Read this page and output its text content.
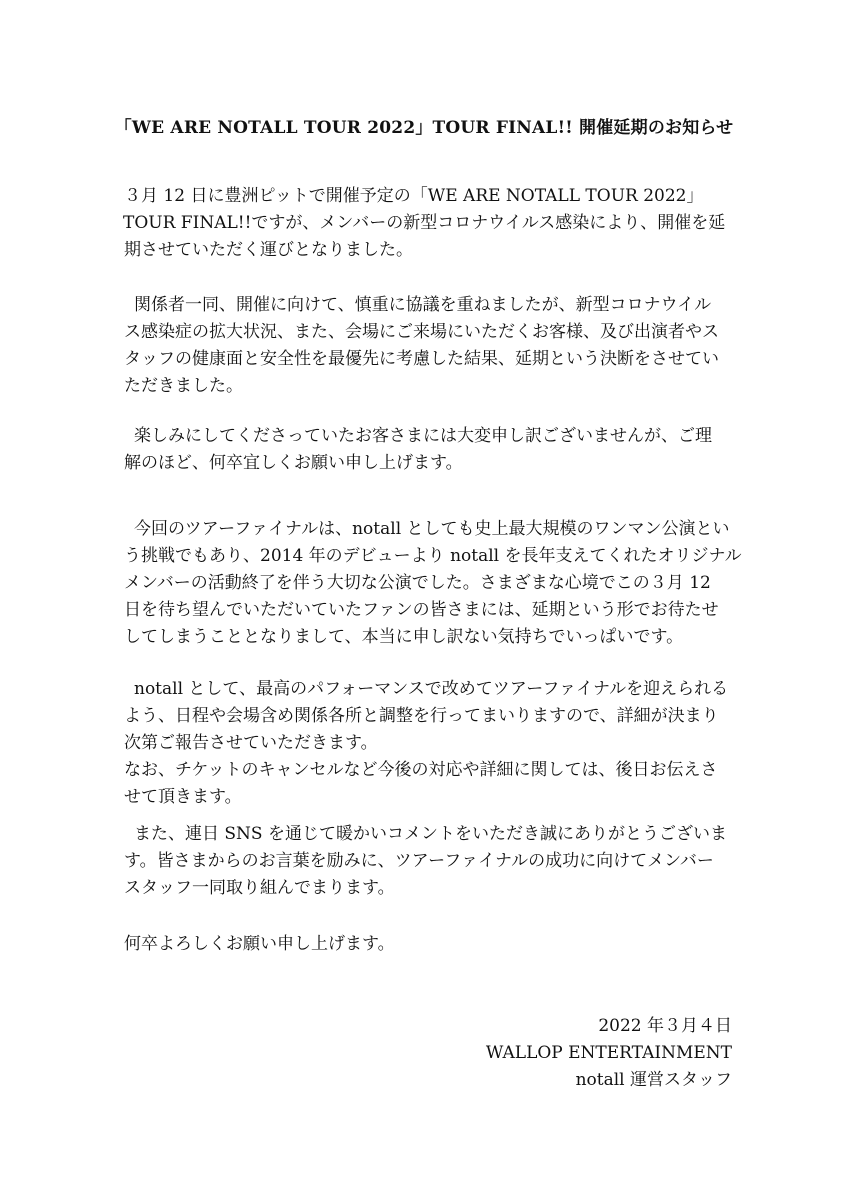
「WE ARE NOTALL TOUR 2022」TOUR FINAL!! 開催延期のお知らせ
３月 12 日に豊洲ピットで開催予定の「WE ARE NOTALL TOUR 2022」
TOUR FINAL!!ですが、メンバーの新型コロナウイルス感染により、開催を延
期させていただく運びとなりました。
関係者一同、開催に向けて、慎重に協議を重ねましたが、新型コロナウイル
ス感染症の拡大状況、また、会場にご来場にいただくお客様、及び出演者やス
タッフの健康面と安全性を最優先に考慮した結果、延期という決断をさせてい
ただきました。
楽しみにしてくださっていたお客さまには大変申し訳ございませんが、ご理
解のほど、何卒宜しくお願い申し上げます。
今回のツアーファイナルは、notall としても史上最大規模のワンマン公演とい
う挑戦でもあり、2014 年のデビューより notall を長年支えてくれたオリジナル
メンバーの活動終了を伴う大切な公演でした。さまざまな心境でこの３月 12
日を待ち望んでいただいていたファンの皆さまには、延期という形でお待たせ
してしまうこととなりまして、本当に申し訳ない気持ちでいっぱいです。
notall として、最高のパフォーマンスで改めてツアーファイナルを迎えられる
よう、日程や会場含め関係各所と調整を行ってまいりますので、詳細が決まり
次第ご報告させていただきます。
なお、チケットのキャンセルなど今後の対応や詳細に関しては、後日お伝えさ
せて頂きます。
また、連日 SNS を通じて暖かいコメントをいただき誠にありがとうございま
す。皆さまからのお言葉を励みに、ツアーファイナルの成功に向けてメンバー
スタッフ一同取り組んでまります。
何卒よろしくお願い申し上げます。
2022 年３月４日
WALLOP ENTERTAINMENT
notall 運営スタッフ
